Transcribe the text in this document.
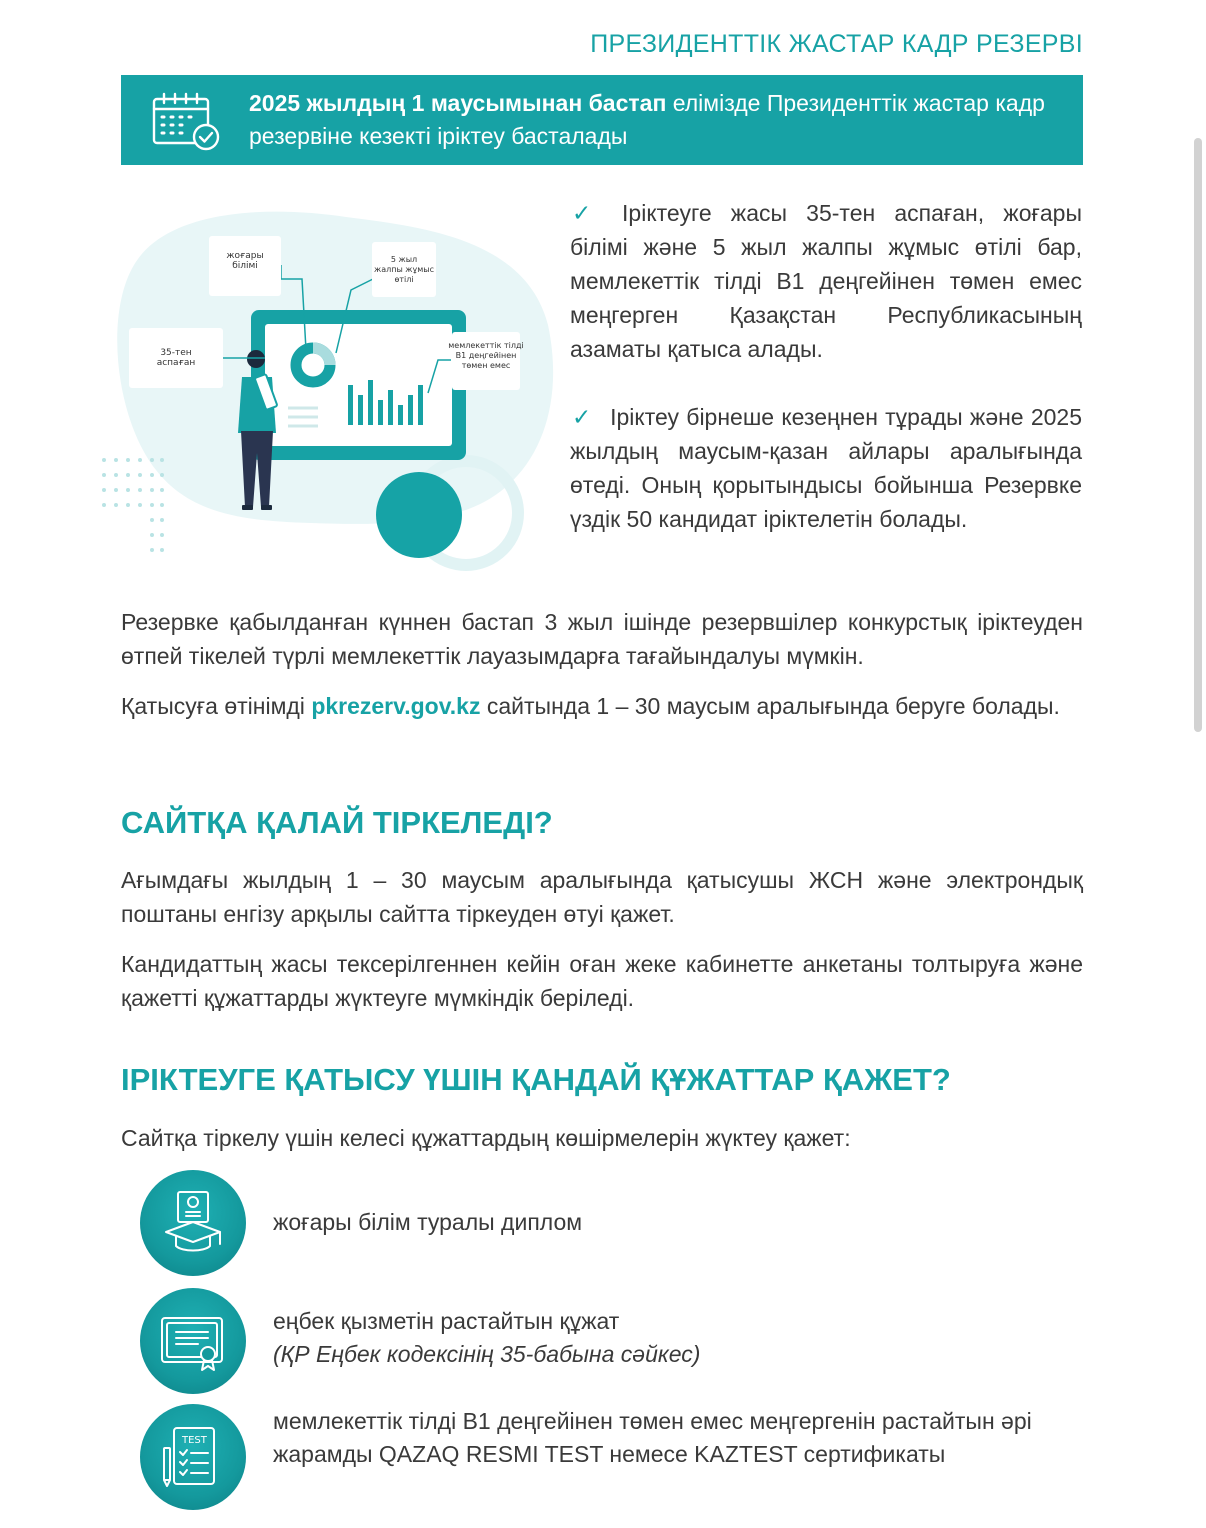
ПРЕЗИДЕНТТІК ЖАСТАР КАДР РЕЗЕРВІ
2025 жылдың 1 маусымынан бастап елімізде Президенттік жастар кадр резервіне кезекті іріктеу басталады
жоғары білімі
5 жыл жалпы жұмыс өтілі
35-тен аспаған
мемлекеттік тілді В1 деңгейінен төмен емес
✓ Іріктеуге жасы 35-тен аспаған, жоғары білімі және 5 жыл жалпы жұмыс өтілі бар, мемлекеттік тілді В1 деңгейінен төмен емес меңгерген Қазақстан Республикасының азаматы қатыса алады.
✓ Іріктеу бірнеше кезеңнен тұрады және 2025 жылдың маусым-қазан айлары аралығында өтеді. Оның қорытындысы бойынша Резервке үздік 50 кандидат іріктелетін болады.
Резервке қабылданған күннен бастап 3 жыл ішінде резервшілер конкурстық іріктеуден өтпей тікелей түрлі мемлекеттік лауазымдарға тағайындалуы мүмкін.
Қатысуға өтінімді pkrezerv.gov.kz сайтында 1 – 30 маусым аралығында беруге болады.
САЙТҚА ҚАЛАЙ ТІРКЕЛЕДІ?
Ағымдағы жылдың 1 – 30 маусым аралығында қатысушы ЖСН және электрондық поштаны енгізу арқылы сайтта тіркеуден өтуі қажет.
Кандидаттың жасы тексерілгеннен кейін оған жеке кабинетте анкетаны толтыруға және қажетті құжаттарды жүктеуге мүмкіндік беріледі.
ІРІКТЕУГЕ ҚАТЫСУ ҮШІН ҚАНДАЙ ҚҰЖАТТАР ҚАЖЕТ?
Сайтқа тіркелу үшін келесі құжаттардың көшірмелерін жүктеу қажет:
жоғары білім туралы диплом
еңбек қызметін растайтын құжат
(ҚР Еңбек кодексінің 35-бабына сәйкес)
TEST
мемлекеттік тілді В1 деңгейінен төмен емес меңгергенін растайтын әрі жарамды QAZAQ RESMI TEST немесе KAZTEST сертификаты
